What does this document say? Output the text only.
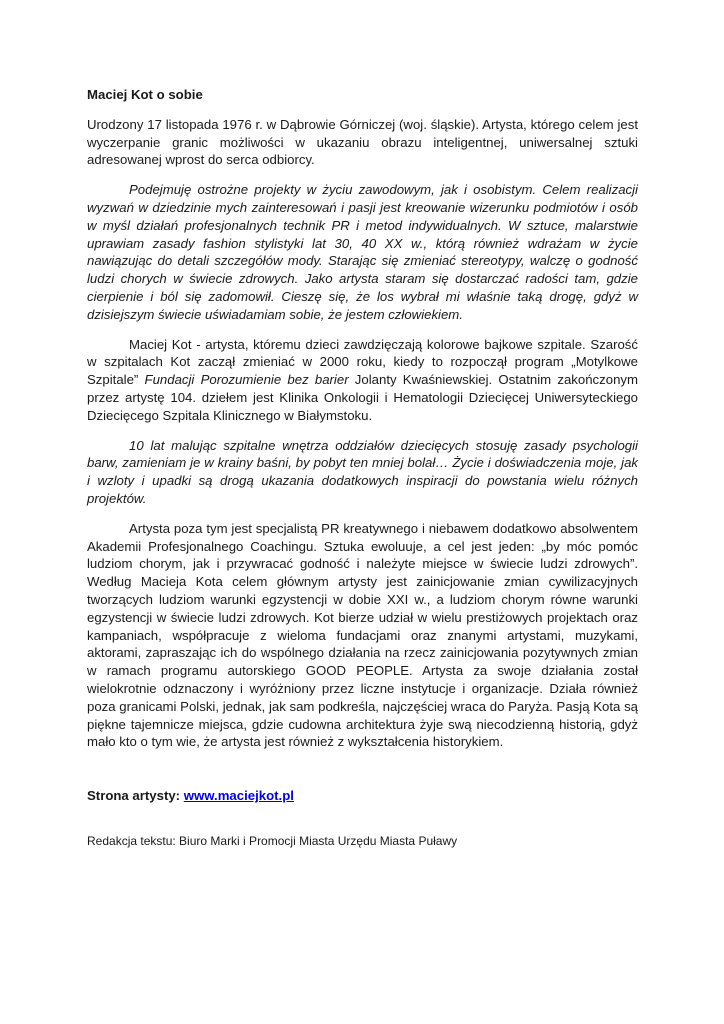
Maciej Kot o sobie
Urodzony 17 listopada 1976 r. w Dąbrowie Górniczej (woj. śląskie). Artysta, którego celem jest wyczerpanie granic możliwości w ukazaniu obrazu inteligentnej, uniwersalnej sztuki adresowanej wprost do serca odbiorcy.
Podejmuję ostrożne projekty w życiu zawodowym, jak i osobistym. Celem realizacji wyzwań w dziedzinie mych zainteresowań i pasji jest kreowanie wizerunku podmiotów i osób w myśl działań profesjonalnych technik PR i metod indywidualnych. W sztuce, malarstwie uprawiam zasady fashion stylistyki lat 30, 40 XX w., którą również wdrażam w życie nawiązując do detali szczegółów mody. Starając się zmieniać stereotypy, walczę o godność ludzi chorych w świecie zdrowych. Jako artysta staram się dostarczać radości tam, gdzie cierpienie i ból się zadomowił. Cieszę się, że los wybrał mi właśnie taką drogę, gdyż w dzisiejszym świecie uświadamiam sobie, że jestem człowiekiem.
Maciej Kot - artysta, któremu dzieci zawdzięczają kolorowe bajkowe szpitale. Szarość w szpitalach Kot zaczął zmieniać w 2000 roku, kiedy to rozpoczął program „Motylkowe Szpitale” Fundacji Porozumienie bez barier Jolanty Kwaśniewskiej. Ostatnim zakończonym przez artystę 104. dziełem jest Klinika Onkologii i Hematologii Dziecięcej Uniwersyteckiego Dziecięcego Szpitala Klinicznego w Białymstoku.
10 lat malując szpitalne wnętrza oddziałów dziecięcych stosuję zasady psychologii barw, zamieniam je w krainy baśni, by pobyt ten mniej bolał… Życie i doświadczenia moje, jak i wzloty i upadki są drogą ukazania dodatkowych inspiracji do powstania wielu różnych projektów.
Artysta poza tym jest specjalistą PR kreatywnego i niebawem dodatkowo absolwentem Akademii Profesjonalnego Coachingu. Sztuka ewoluuje, a cel jest jeden: „by móc pomóc ludziom chorym, jak i przywracać godność i należyte miejsce w świecie ludzi zdrowych”. Według Macieja Kota celem głównym artysty jest zainicjowanie zmian cywilizacyjnych tworzących ludziom warunki egzystencji w dobie XXI w., a ludziom chorym równe warunki egzystencji w świecie ludzi zdrowych. Kot bierze udział w wielu prestiżowych projektach oraz kampaniach, współpracuje z wieloma fundacjami oraz znanymi artystami, muzykami, aktorami, zapraszając ich do wspólnego działania na rzecz zainicjowania pozytywnych zmian w ramach programu autorskiego GOOD PEOPLE. Artysta za swoje działania został wielokrotnie odznaczony i wyróżniony przez liczne instytucje i organizacje. Działa również poza granicami Polski, jednak, jak sam podkreśla, najczęściej wraca do Paryża. Pasją Kota są piękne tajemnicze miejsca, gdzie cudowna architektura żyje swą niecodzienną historią, gdyż mało kto o tym wie, że artysta jest również z wykształcenia historykiem.
Strona artysty: www.maciejkot.pl
Redakcja tekstu: Biuro Marki i Promocji Miasta Urzędu Miasta Puławy
